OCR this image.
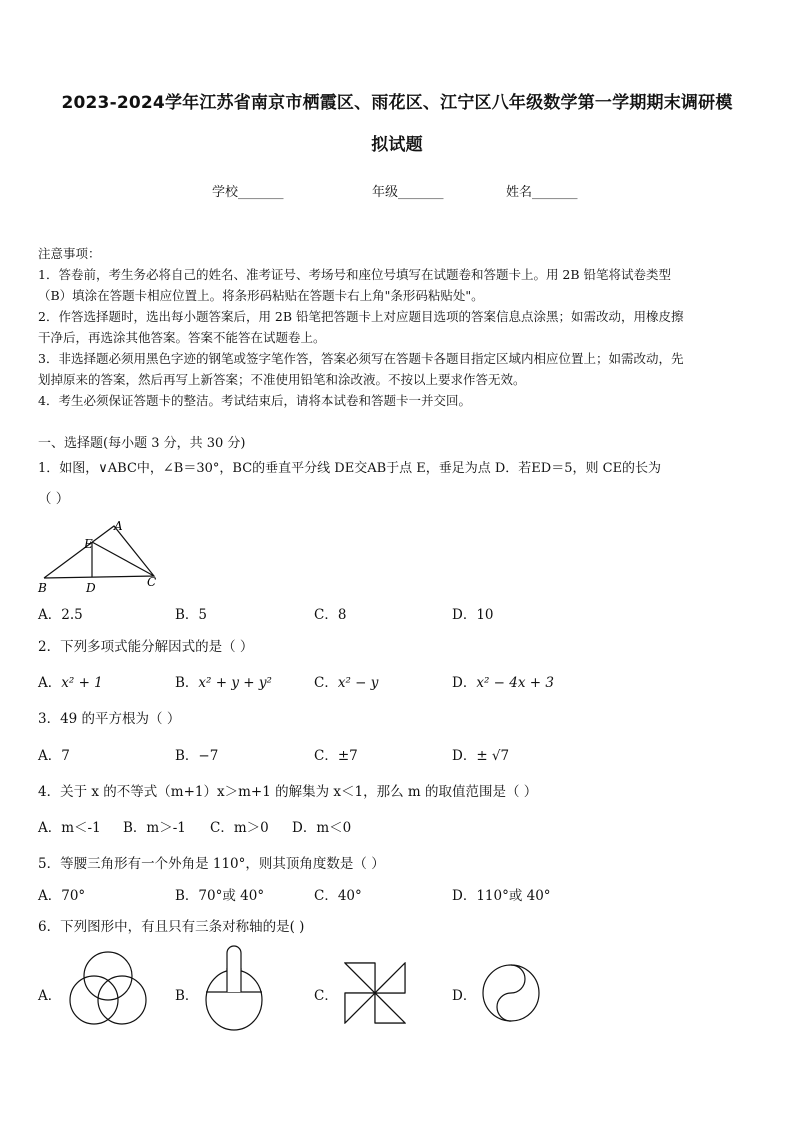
2023-2024学年江苏省南京市栖霞区、雨花区、江宁区八年级数学第一学期期末调研模
拟试题
学校_______	年级_______	姓名_______
注意事项：
1．答卷前，考生务必将自己的姓名、准考证号、考场号和座位号填写在试题卷和答题卡上。用 2B 铅笔将试卷类型
（B）填涂在答题卡相应位置上。将条形码粘贴在答题卡右上角"条形码粘贴处"。
2．作答选择题时，选出每小题答案后，用 2B 铅笔把答题卡上对应题目选项的答案信息点涂黑；如需改动，用橡皮擦
干净后，再选涂其他答案。答案不能答在试题卷上。
3．非选择题必须用黑色字迹的钢笔或签字笔作答，答案必须写在答题卡各题目指定区域内相应位置上；如需改动，先
划掉原来的答案，然后再写上新答案；不准使用铅笔和涂改液。不按以上要求作答无效。
4．考生必须保证答题卡的整洁。考试结束后，请将本试卷和答题卡一并交回。
一、选择题(每小题 3 分，共 30 分)
1．如图，∨ABC中，∠B＝30°，BC的垂直平分线 DE交AB于点 E，垂足为点 D．若ED＝5，则 CE的长为
（ ）
A
E
B	D	C
A．2.5	B．5	C．8	D．10
2．下列多项式能分解因式的是（ ）
A．x² + 1	B．x² + y + y²	C．x² − y	D．x² − 4x + 3
3．49 的平方根为（ ）
A．7	B．−7	C．±7	D．± √7
4．关于 x 的不等式（m+1）x＞m+1 的解集为 x＜1，那么 m 的取值范围是（ ）
A．m＜-1 B．m＞-1 C．m＞0 D．m＜0
5．等腰三角形有一个外角是 110°，则其顶角度数是（ ）
A．70°	B．70°或 40°	C．40°	D．110°或 40°
6．下列图形中，有且只有三条对称轴的是( )
A．	B．	C．	D．
